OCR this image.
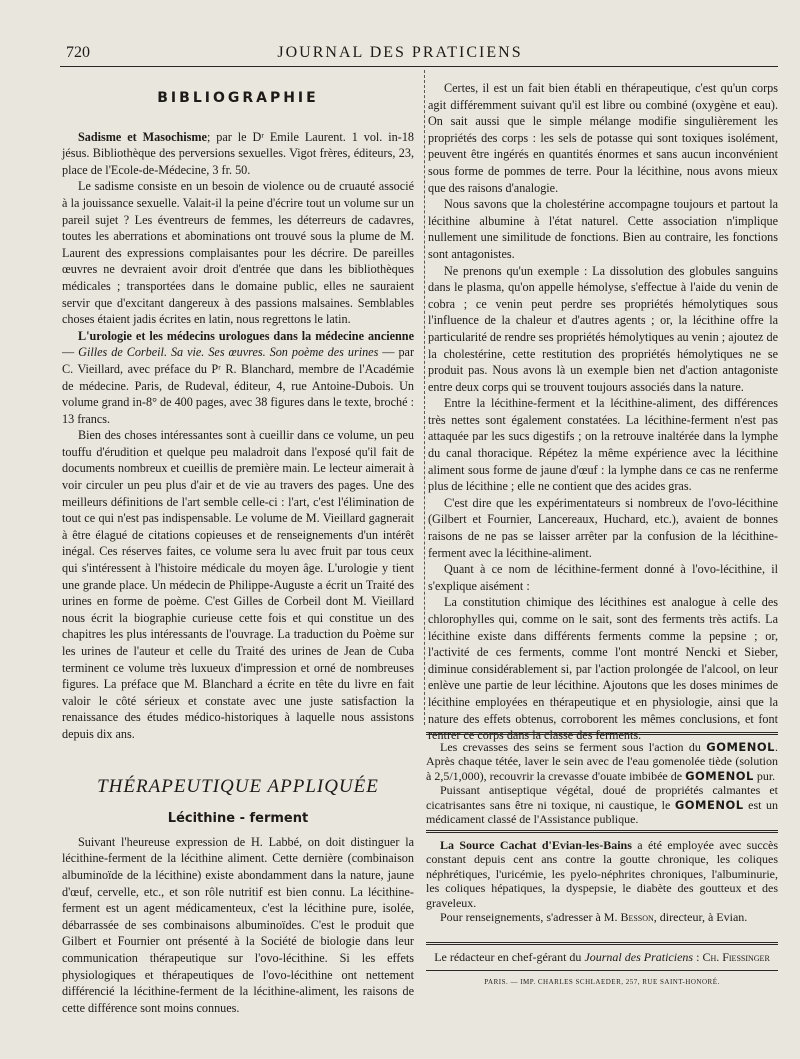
720	JOURNAL DES PRATICIENS
BIBLIOGRAPHIE

Sadisme et Masochisme; par le Dʳ Emile Laurent. 1 vol. in-18 jésus. Bibliothèque des perversions sexuelles. Vigot frères, éditeurs, 23, place de l'Ecole-de-Médecine, 3 fr. 50.

Le sadisme consiste en un besoin de violence ou de cruauté associé à la jouissance sexuelle. Valait-il la peine d'écrire tout un volume sur un pareil sujet ? Les éventreurs de femmes, les déterreurs de cadavres, toutes les aberrations et abominations ont trouvé sous la plume de M. Laurent des expressions complaisantes pour les décrire. De pareilles œuvres ne devraient avoir droit d'entrée que dans les bibliothèques médicales ; transportées dans le domaine public, elles ne sauraient servir que d'excitant dangereux à des passions malsaines. Semblables choses étaient jadis écrites en latin, nous regrettons le latin.

L'urologie et les médecins urologues dans la médecine ancienne — Gilles de Corbeil. Sa vie. Ses œuvres. Son poème des urines — par C. Vieillard, avec préface du Pʳ R. Blanchard, membre de l'Académie de médecine. Paris, de Rudeval, éditeur, 4, rue Antoine-Dubois. Un volume grand in-8° de 400 pages, avec 38 figures dans le texte, broché : 13 francs.

Bien des choses intéressantes sont à cueillir dans ce volume, un peu touffu d'érudition et quelque peu maladroit dans l'exposé qu'il fait de documents nombreux et cueillis de première main. Le lecteur aimerait à voir circuler un peu plus d'air et de vie au travers des pages. Une des meilleurs définitions de l'art semble celle-ci : l'art, c'est l'élimination de tout ce qui n'est pas indispensable. Le volume de M. Vieillard gagnerait à être élagué de citations copieuses et de renseignements d'un intérêt inégal. Ces réserves faites, ce volume sera lu avec fruit par tous ceux qui s'intéressent à l'histoire médicale du moyen âge. L'urologie y tient une grande place. Un médecin de Philippe-Auguste a écrit un Traité des urines en forme de poème. C'est Gilles de Corbeil dont M. Vieillard nous écrit la biographie curieuse cette fois et qui constitue un des chapitres les plus intéressants de l'ouvrage. La traduction du Poème sur les urines de l'auteur et celle du Traité des urines de Jean de Cuba terminent ce volume très luxueux d'impression et orné de nombreuses figures. La préface que M. Blanchard a écrite en tête du livre en fait valoir le côté sérieux et constate avec une juste satisfaction la renaissance des études médico-historiques à laquelle nous assistons depuis dix ans.

THÉRAPEUTIQUE APPLIQUÉE
Lécithine - ferment

Suivant l'heureuse expression de H. Labbé, on doit distinguer la lécithine-ferment de la lécithine aliment. Cette dernière (combinaison albuminoïde de la lécithine) existe abondamment dans la nature, jaune d'œuf, cervelle, etc., et son rôle nutritif est bien connu. La lécithine-ferment est un agent médicamenteux, c'est la lécithine pure, isolée, débarrassée de ses combinaisons albuminoïdes. C'est le produit que Gilbert et Fournier ont présenté à la Société de biologie dans leur communication thérapeutique sur l'ovo-lécithine. Si les effets physiologiques et thérapeutiques de l'ovo-lécithine ont nettement différencié la lécithine-ferment de la lécithine-aliment, les raisons de cette différence sont moins connues.

Certes, il est un fait bien établi en thérapeutique, c'est qu'un corps agit différemment suivant qu'il est libre ou combiné (oxygène et eau). On sait aussi que le simple mélange modifie singulièrement les propriétés des corps : les sels de potasse qui sont toxiques isolément, peuvent être ingérés en quantités énormes et sans aucun inconvénient sous forme de pommes de terre. Pour la lécithine, nous avons mieux que des raisons d'analogie.

Nous savons que la cholestérine accompagne toujours et partout la lécithine albumine à l'état naturel. Cette association n'implique nullement une similitude de fonctions. Bien au contraire, les fonctions sont antagonistes.

Ne prenons qu'un exemple : La dissolution des globules sanguins dans le plasma, qu'on appelle hémolyse, s'effectue à l'aide du venin de cobra ; ce venin peut perdre ses propriétés hémolytiques sous l'influence de la chaleur et d'autres agents ; or, la lécithine offre la particularité de rendre ses propriétés hémolytiques au venin ; ajoutez de la cholestérine, cette restitution des propriétés hémolytiques ne se produit pas. Nous avons là un exemple bien net d'action antagoniste entre deux corps qui se trouvent toujours associés dans la nature.

Entre la lécithine-ferment et la lécithine-aliment, des différences très nettes sont également constatées. La lécithine-ferment n'est pas attaquée par les sucs digestifs ; on la retrouve inaltérée dans la lymphe du canal thoracique. Répétez la même expérience avec la lécithine aliment sous forme de jaune d'œuf : la lymphe dans ce cas ne renferme plus de lécithine ; elle ne contient que des acides gras.

C'est dire que les expérimentateurs si nombreux de l'ovo-lécithine (Gilbert et Fournier, Lancereaux, Huchard, etc.), avaient de bonnes raisons de ne pas se laisser arrêter par la confusion de la lécithine-ferment avec la lécithine-aliment.

Quant à ce nom de lécithine-ferment donné à l'ovo-lécithine, il s'explique aisément :

La constitution chimique des lécithines est analogue à celle des chlorophylles qui, comme on le sait, sont des ferments très actifs. La lécithine existe dans différents ferments comme la pepsine ; or, l'activité de ces ferments, comme l'ont montré Nencki et Sieber, diminue considérablement si, par l'action prolongée de l'alcool, on leur enlève une partie de leur lécithine. Ajoutons que les doses minimes de lécithine employées en thérapeutique et en physiologie, ainsi que la nature des effets obtenus, corroborent les mêmes conclusions, et font rentrer ce corps dans la classe des ferments.

Les crevasses des seins se ferment sous l'action du GOMENOL. Après chaque tétée, laver le sein avec de l'eau gomenolée tiède (solution à 2,5/1,000), recouvrir la crevasse d'ouate imbibée de GOMENOL pur.

Puissant antiseptique végétal, doué de propriétés calmantes et cicatrisantes sans être ni toxique, ni caustique, le GOMENOL est un médicament classé de l'Assistance publique.

La Source Cachat d'Evian-les-Bains a été employée avec succès constant depuis cent ans contre la goutte chronique, les coliques néphrétiques, l'uricémie, les pyelo-néphrites chroniques, l'albuminurie, les coliques hépatiques, la dyspepsie, le diabète des goutteux et des graveleux.

Pour renseignements, s'adresser à M. Besson, directeur, à Evian.

Le rédacteur en chef-gérant du Journal des Praticiens : Ch. Fiessinger
PARIS. — IMP. CHARLES SCHLAEDER, 257, RUE SAINT-HONORÉ.
